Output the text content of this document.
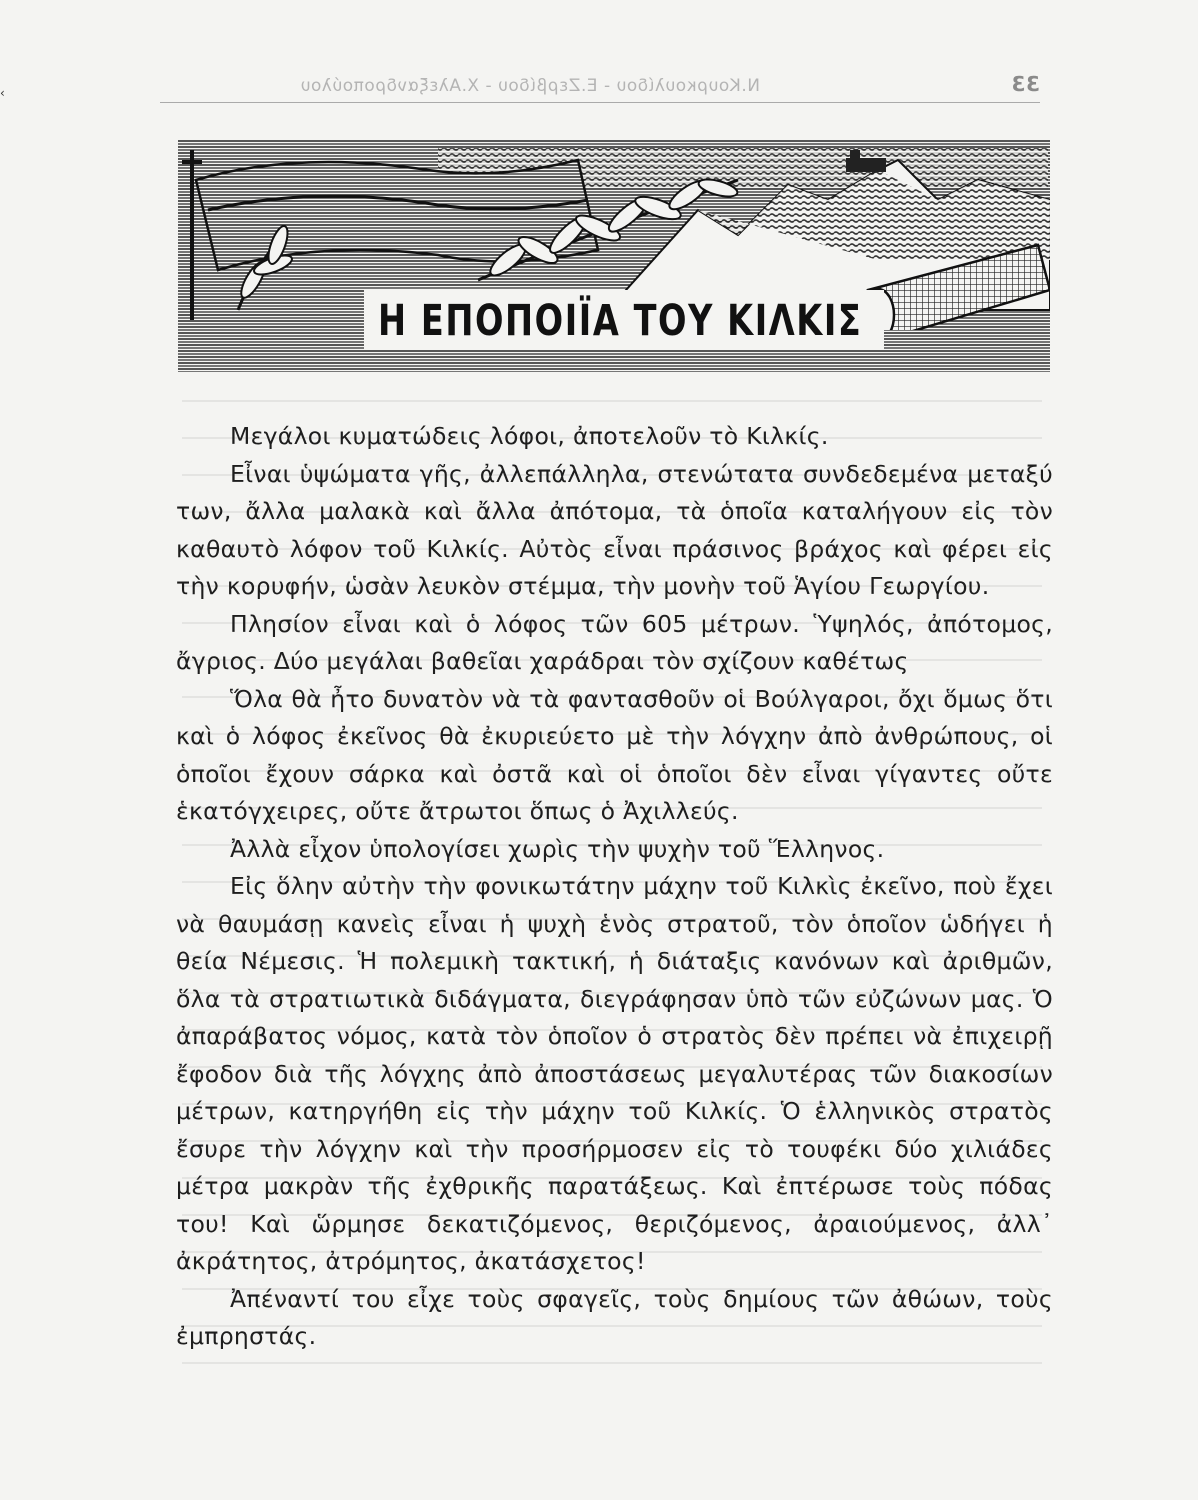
‹	Ν.Κουρκουλίδου - Ε.Ζερβίδου - Χ.Αλεξανδροπούλου	33
Η ΕΠΟΠΟΙΪΑ ΤΟΥ ΚΙΛΚΙΣ

Μεγάλοι κυματώδεις λόφοι, ἀποτελοῦν τὸ Κιλκίς.

Εἶναι ὑψώματα γῆς, ἀλλεπάλληλα, στενώτατα συνδεδεμένα μεταξύ των, ἄλλα μαλακὰ καὶ ἄλλα ἀπότομα, τὰ ὁποῖα καταλήγουν εἰς τὸν καθαυτὸ λόφον τοῦ Κιλκίς. Αὐτὸς εἶναι πράσινος βράχος καὶ φέρει εἰς τὴν κορυφήν, ὡσὰν λευκὸν στέμμα, τὴν μονὴν τοῦ Ἁγίου Γεωργίου.

Πλησίον εἶναι καὶ ὁ λόφος τῶν 605 μέτρων. Ὑψηλός, ἀπότομος, ἄγριος. Δύο μεγάλαι βαθεῖαι χαράδραι τὸν σχίζουν καθέτως

Ὅλα θὰ ἦτο δυνατὸν νὰ τὰ φαντασθοῦν οἱ Βούλγαροι, ὄχι ὅμως ὅτι καὶ ὁ λόφος ἐκεῖνος θὰ ἐκυριεύετο μὲ τὴν λόγχην ἀπὸ ἀνθρώπους, οἱ ὁποῖοι ἔχουν σάρκα καὶ ὀστᾶ καὶ οἱ ὁποῖοι δὲν εἶναι γίγαντες οὔτε ἑκατόγχειρες, οὔτε ἄτρωτοι ὅπως ὁ Ἀχιλλεύς.

Ἀλλὰ εἶχον ὑπολογίσει χωρὶς τὴν ψυχὴν τοῦ Ἕλληνος.

Εἰς ὅλην αὐτὴν τὴν φονικωτάτην μάχην τοῦ Κιλκὶς ἐκεῖνο, ποὺ ἔχει νὰ θαυμάσῃ κανεὶς εἶναι ἡ ψυχὴ ἑνὸς στρατοῦ, τὸν ὁποῖον ὡδήγει ἡ θεία Νέμεσις. Ἡ πολεμικὴ τακτική, ἡ διάταξις κανόνων καὶ ἀριθμῶν, ὅλα τὰ στρατιωτικὰ διδάγματα, διεγράφησαν ὑπὸ τῶν εὐζώνων μας. Ὁ ἀπαράβατος νόμος, κατὰ τὸν ὁποῖον ὁ στρατὸς δὲν πρέπει νὰ ἐπιχειρῇ ἔφοδον διὰ τῆς λόγχης ἀπὸ ἀποστάσεως μεγαλυτέρας τῶν διακοσίων μέτρων, κατηργήθη εἰς τὴν μάχην τοῦ Κιλκίς. Ὁ ἑλληνικὸς στρατὸς ἔσυρε τὴν λόγχην καὶ τὴν προσήρμοσεν εἰς τὸ τουφέκι δύο χιλιάδες μέτρα μακρὰν τῆς ἐχθρικῆς παρατάξεως. Καὶ ἐπτέρωσε τοὺς πόδας του! Καὶ ὥρμησε δεκατιζόμενος, θεριζόμενος, ἀραιούμενος, ἀλλ᾽ ἀκράτητος, ἀτρόμητος, ἀκατάσχετος!

Ἀπέναντί του εἶχε τοὺς σφαγεῖς, τοὺς δημίους τῶν ἀθώων, τοὺς ἐμπρηστάς.
